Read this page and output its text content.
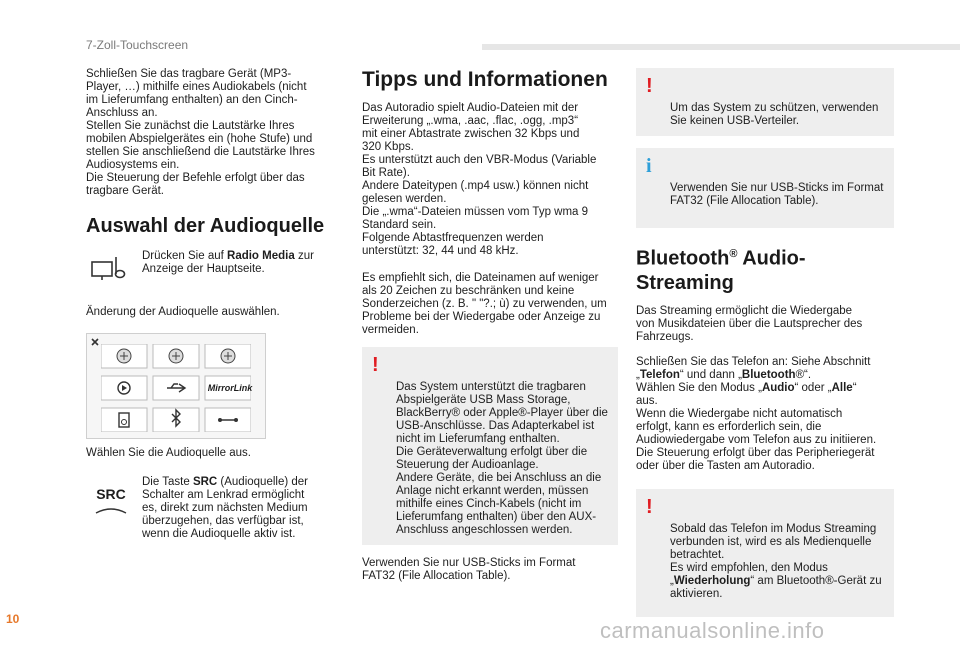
7-Zoll-Touchscreen

Schließen Sie das tragbare Gerät (MP3-
Player, …) mithilfe eines Audiokabels (nicht
im Lieferumfang enthalten) an den Cinch-
Anschluss an.
Stellen Sie zunächst die Lautstärke Ihres
mobilen Abspielgerätes ein (hohe Stufe) und
stellen Sie anschließend die Lautstärke Ihres
Audiosystems ein.
Die Steuerung der Befehle erfolgt über das
tragbare Gerät.

Auswahl der Audioquelle

Drücken Sie auf Radio Media zur
Anzeige der Hauptseite.

Änderung der Audioquelle auswählen.

MirrorLink

Wählen Sie die Audioquelle aus.

SRC

Die Taste SRC (Audioquelle) der
Schalter am Lenkrad ermöglicht
es, direkt zum nächsten Medium
überzugehen, das verfügbar ist,
wenn die Audioquelle aktiv ist.

Tipps und Informationen

Das Autoradio spielt Audio-Dateien mit der
Erweiterung „.wma, .aac, .flac, .ogg, .mp3“
mit einer Abtastrate zwischen 32 Kbps und
320 Kbps.
Es unterstützt auch den VBR-Modus (Variable
Bit Rate).
Andere Dateitypen (.mp4 usw.) können nicht
gelesen werden.
Die „.wma“-Dateien müssen vom Typ wma 9
Standard sein.
Folgende Abtastfrequenzen werden
unterstützt: 32, 44 und 48 kHz.

Es empfiehlt sich, die Dateinamen auf weniger
als 20 Zeichen zu beschränken und keine
Sonderzeichen (z. B. " "?.; ù) zu verwenden, um
Probleme bei der Wiedergabe oder Anzeige zu
vermeiden.

!

Das System unterstützt die tragbaren
Abspielgeräte USB Mass Storage,
BlackBerry® oder Apple®-Player über die
USB-Anschlüsse. Das Adapterkabel ist
nicht im Lieferumfang enthalten.
Die Geräteverwaltung erfolgt über die
Steuerung der Audioanlage.
Andere Geräte, die bei Anschluss an die
Anlage nicht erkannt werden, müssen
mithilfe eines Cinch-Kabels (nicht im
Lieferumfang enthalten) über den AUX-
Anschluss angeschlossen werden.

Verwenden Sie nur USB-Sticks im Format
FAT32 (File Allocation Table).

!

Um das System zu schützen, verwenden
Sie keinen USB-Verteiler.

i

Verwenden Sie nur USB-Sticks im Format
FAT32 (File Allocation Table).

Bluetooth® Audio-Streaming

Das Streaming ermöglicht die Wiedergabe
von Musikdateien über die Lautsprecher des
Fahrzeugs.

Schließen Sie das Telefon an: Siehe Abschnitt
„Telefon“ und dann „Bluetooth®“.
Wählen Sie den Modus „Audio“ oder „Alle“
aus.
Wenn die Wiedergabe nicht automatisch
erfolgt, kann es erforderlich sein, die
Audiowiedergabe vom Telefon aus zu initiieren.
Die Steuerung erfolgt über das Peripheriegerät
oder über die Tasten am Autoradio.

!

Sobald das Telefon im Modus Streaming
verbunden ist, wird es als Medienquelle
betrachtet.
Es wird empfohlen, den Modus
„Wiederholung“ am Bluetooth®-Gerät zu
aktivieren.

10	carmanualsonline.info
